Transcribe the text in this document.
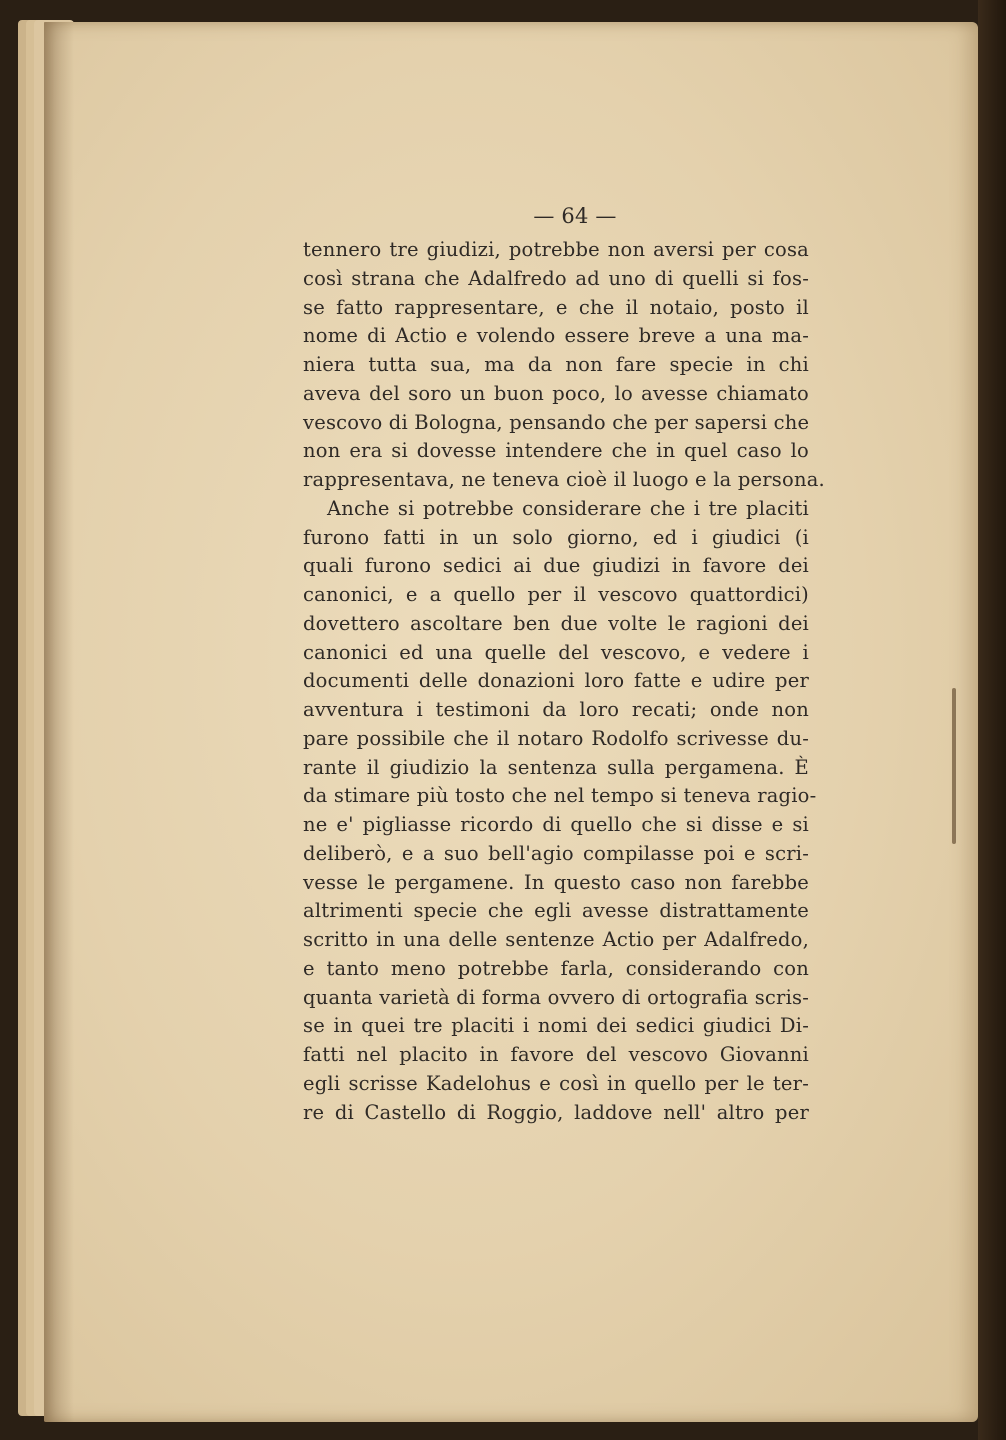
— 64 —
tennero tre giudizi, potrebbe non aversi per cosa
così strana che Adalfredo ad uno di quelli si fos-
se fatto rappresentare, e che il notaio, posto il
nome di Actio e volendo essere breve a una ma-
niera tutta sua, ma da non fare specie in chi
aveva del soro un buon poco, lo avesse chiamato
vescovo di Bologna, pensando che per sapersi che
non era si dovesse intendere che in quel caso lo
rappresentava, ne teneva cioè il luogo e la persona.
Anche si potrebbe considerare che i tre placiti
furono fatti in un solo giorno, ed i giudici (i
quali furono sedici ai due giudizi in favore dei
canonici, e a quello per il vescovo quattordici)
dovettero ascoltare ben due volte le ragioni dei
canonici ed una quelle del vescovo, e vedere i
documenti delle donazioni loro fatte e udire per
avventura i testimoni da loro recati; onde non
pare possibile che il notaro Rodolfo scrivesse du-
rante il giudizio la sentenza sulla pergamena. È
da stimare più tosto che nel tempo si teneva ragio-
ne e' pigliasse ricordo di quello che si disse e si
deliberò, e a suo bell'agio compilasse poi e scri-
vesse le pergamene. In questo caso non farebbe
altrimenti specie che egli avesse distrattamente
scritto in una delle sentenze Actio per Adalfredo,
e tanto meno potrebbe farla, considerando con
quanta varietà di forma ovvero di ortografia scris-
se in quei tre placiti i nomi dei sedici giudici Di-
fatti nel placito in favore del vescovo Giovanni
egli scrisse Kadelohus e così in quello per le ter-
re di Castello di Roggio, laddove nell' altro per
